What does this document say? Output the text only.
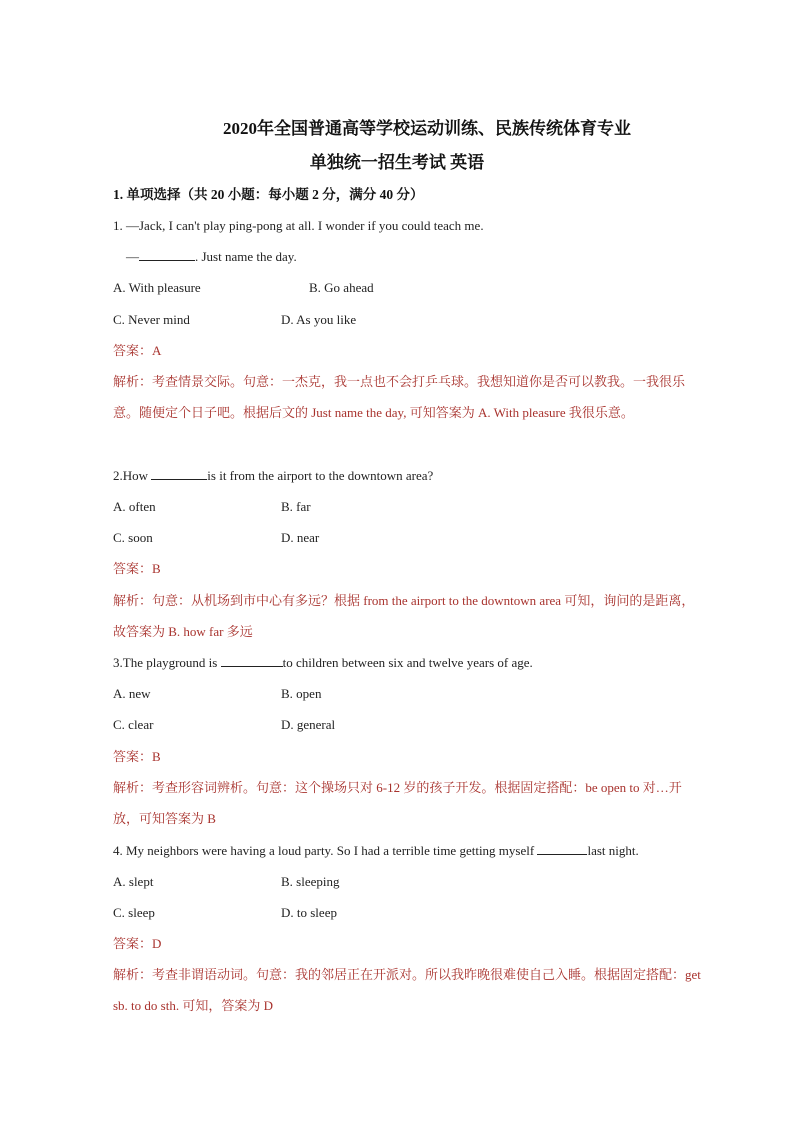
2020年全国普通高等学校运动训练、民族传统体育专业
单独统一招生考试 英语
1. 单项选择（共 20 小题：每小题 2 分，满分 40 分）
1. —Jack, I can't play ping-pong at all. I wonder if you could teach me.
—	. Just name the day.
A. With pleasure	B. Go ahead
C. Never mind	D. As you like
答案：A
解析：考查情景交际。句意：一杰克，我一点也不会打乒乓球。我想知道你是否可以教我。一我很乐意。随便定个日子吧。根据后文的 Just name the day, 可知答案为 A. With pleasure 我很乐意。
2.How	is it from the airport to the downtown area?
A. often	B. far
C. soon	D. near
答案：B
解析：句意：从机场到市中心有多远？根据 from the airport to the downtown area 可知，询问的是距离，故答案为 B. how far 多远
3.The playground is	to children between six and twelve years of age.
A. new	B. open
C. clear	D. general
答案：B
解析：考查形容词辨析。句意：这个操场只对 6-12 岁的孩子开发。根据固定搭配：be open to 对…开放，可知答案为 B
4. My neighbors were having a loud party. So I had a terrible time getting myself	last night.
A. slept	B. sleeping
C. sleep	D. to sleep
答案：D
解析：考查非谓语动词。句意：我的邻居正在开派对。所以我昨晚很难使自己入睡。根据固定搭配：get sb. to do sth. 可知，答案为 D
